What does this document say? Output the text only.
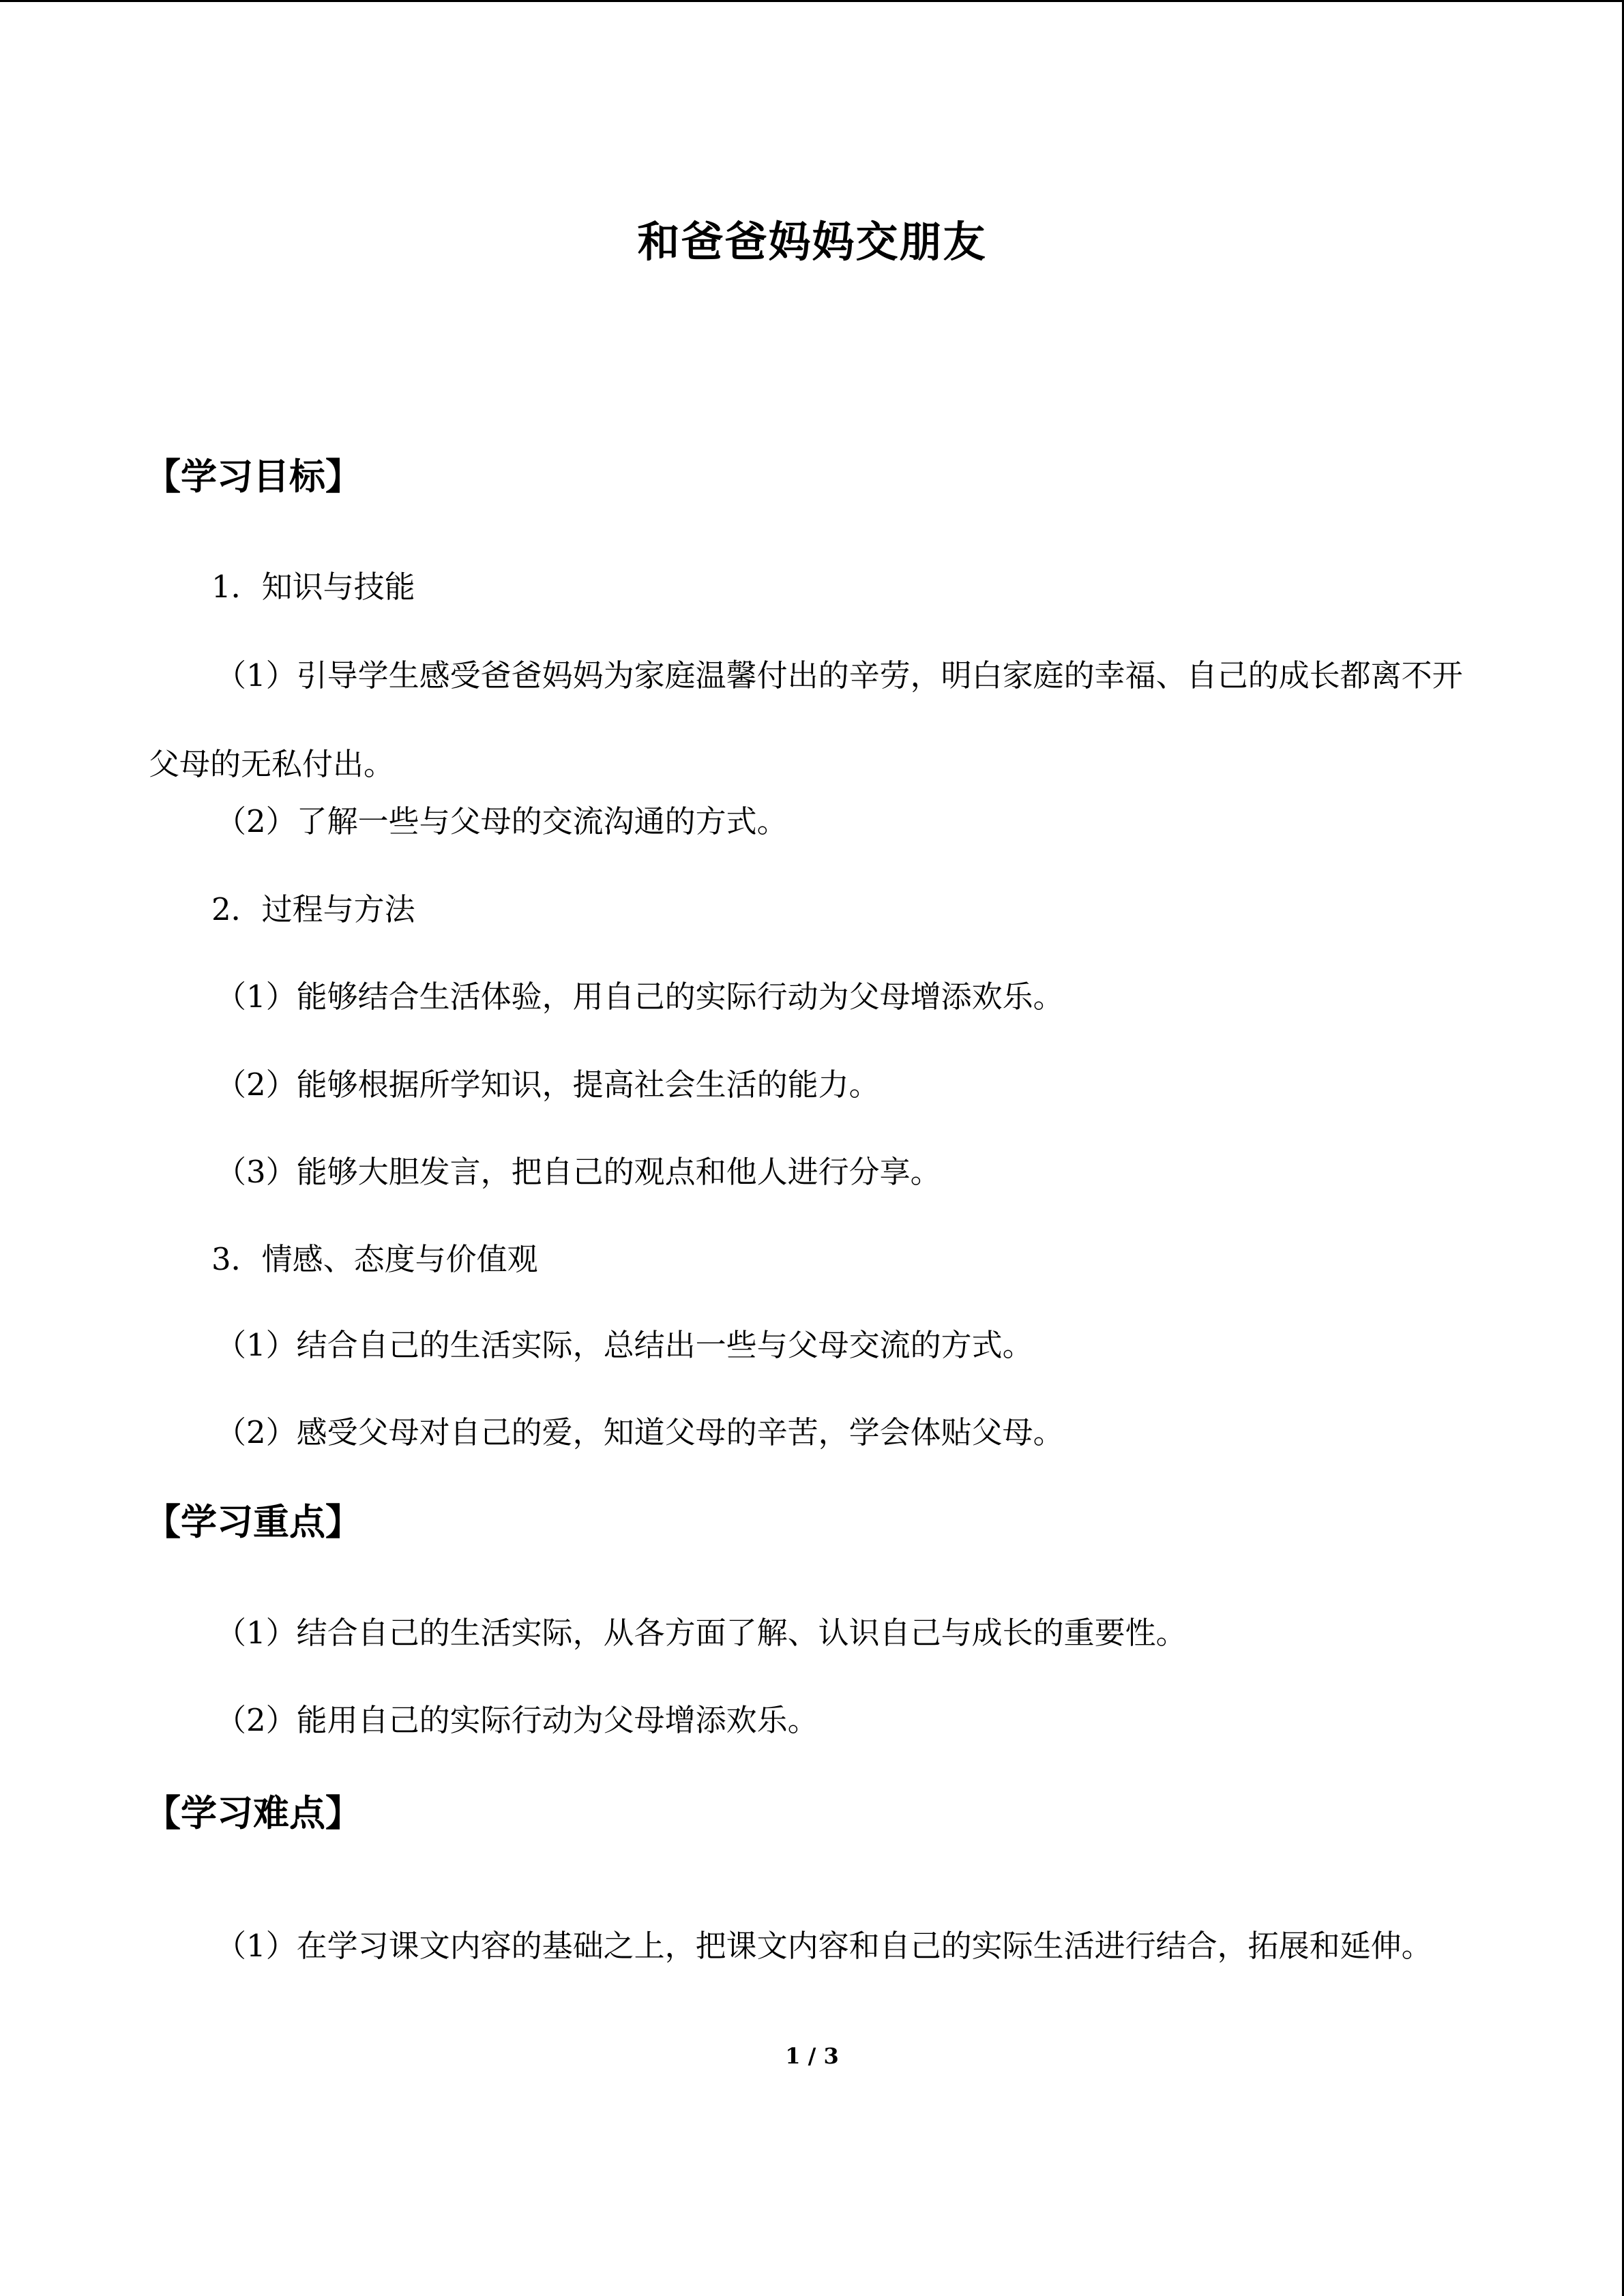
和爸爸妈妈交朋友
【学习目标】
1．知识与技能
（1）引导学生感受爸爸妈妈为家庭温馨付出的辛劳，明白家庭的幸福、自己的成长都离不开父母的无私付出。
（2）了解一些与父母的交流沟通的方式。
2．过程与方法
（1）能够结合生活体验，用自己的实际行动为父母增添欢乐。
（2）能够根据所学知识，提高社会生活的能力。
（3）能够大胆发言，把自己的观点和他人进行分享。
3．情感、态度与价值观
（1）结合自己的生活实际，总结出一些与父母交流的方式。
（2）感受父母对自己的爱，知道父母的辛苦，学会体贴父母。
【学习重点】
（1）结合自己的生活实际，从各方面了解、认识自己与成长的重要性。
（2）能用自己的实际行动为父母增添欢乐。
【学习难点】
（1）在学习课文内容的基础之上，把课文内容和自己的实际生活进行结合，拓展和延伸。
1 / 3
